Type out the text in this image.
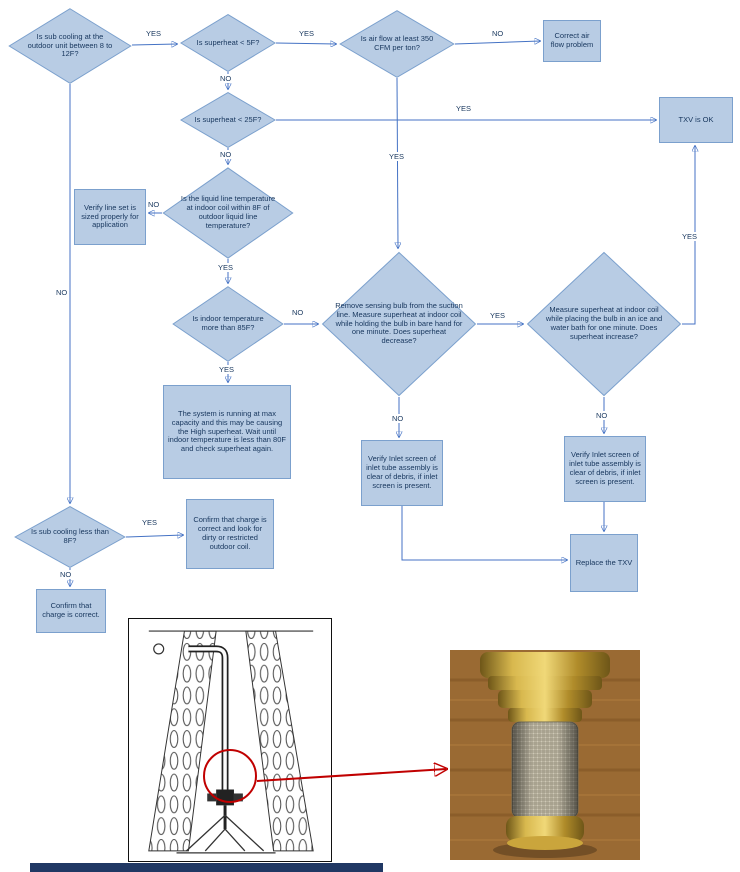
Is sub cooling at the outdoor unit between 8 to 12F?
Is superheat < 5F?	Is air flow at least 350 CFM per ton?
Is superheat < 25F?
Is the liquid line temperature at indoor coil within 8F of outdoor liquid line temperature?
Is indoor temperature more than 85F?
Remove sensing bulb from the suction line. Measure superheat at indoor coil while holding the bulb in bare hand for one minute. Does superheat decrease?
Measure superheat at indoor coil while placing the bulb in an ice and water bath for one minute. Does superheat increase?
Is sub cooling less than 8F?
Correct air flow problem
TXV is OK
Verify line set is sized properly for application
The system is running at max capacity and this may be causing the High superheat. Wait until indoor temperature is less than 80F and check superheat again.
Verify Inlet screen of inlet tube assembly is clear of debris, if inlet screen is present.
Verify Inlet screen of inlet tube assembly is clear of debris, if inlet screen is present.
Replace the TXV
Confirm that charge is correct and look for dirty or restricted outdoor coil.
Confirm that charge is correct.
YES	YES	NO
NO
YES
NO
NO
YES
YES
NO
YES
YES
NO	NO
YES
NO
YES
NO
